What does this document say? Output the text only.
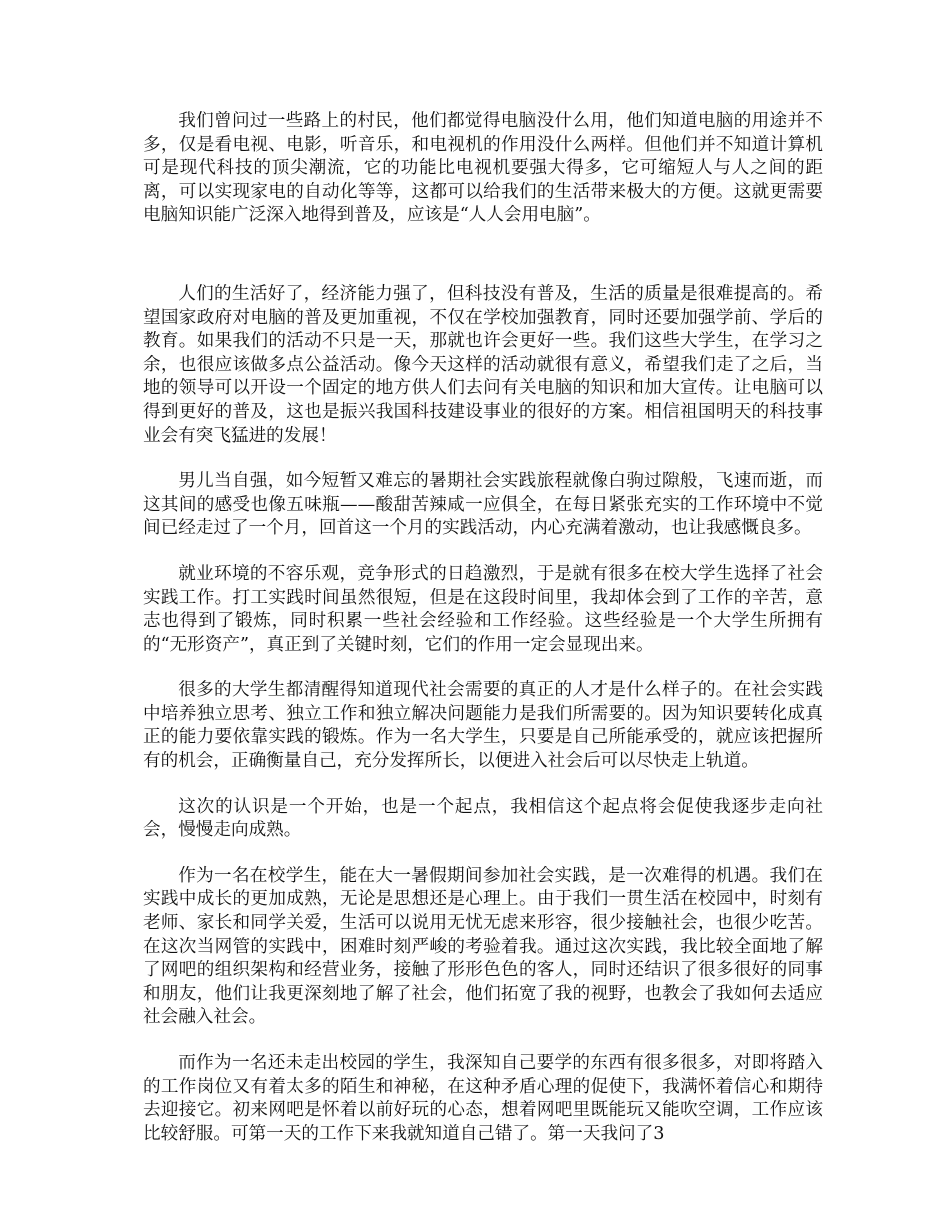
我们曾问过一些路上的村民，他们都觉得电脑没什么用，他们知道电脑的用途并不多，仅是看电视、电影，听音乐，和电视机的作用没什么两样。但他们并不知道计算机可是现代科技的顶尖潮流，它的功能比电视机要强大得多，它可缩短人与人之间的距离，可以实现家电的自动化等等，这都可以给我们的生活带来极大的方便。这就更需要电脑知识能广泛深入地得到普及，应该是“人人会用电脑”。

人们的生活好了，经济能力强了，但科技没有普及，生活的质量是很难提高的。希望国家政府对电脑的普及更加重视，不仅在学校加强教育，同时还要加强学前、学后的教育。如果我们的活动不只是一天，那就也许会更好一些。我们这些大学生，在学习之余，也很应该做多点公益活动。像今天这样的活动就很有意义，希望我们走了之后，当地的领导可以开设一个固定的地方供人们去问有关电脑的知识和加大宣传。让电脑可以得到更好的普及，这也是振兴我国科技建设事业的很好的方案。相信祖国明天的科技事业会有突飞猛进的发展！

男儿当自强，如今短暂又难忘的暑期社会实践旅程就像白驹过隙般，飞速而逝，而这其间的感受也像五味瓶——酸甜苦辣咸一应俱全，在每日紧张充实的工作环境中不觉间已经走过了一个月，回首这一个月的实践活动，内心充满着激动，也让我感慨良多。

就业环境的不容乐观，竞争形式的日趋激烈，于是就有很多在校大学生选择了社会实践工作。打工实践时间虽然很短，但是在这段时间里，我却体会到了工作的辛苦，意志也得到了锻炼，同时积累一些社会经验和工作经验。这些经验是一个大学生所拥有的“无形资产”，真正到了关键时刻，它们的作用一定会显现出来。

很多的大学生都清醒得知道现代社会需要的真正的人才是什么样子的。在社会实践中培养独立思考、独立工作和独立解决问题能力是我们所需要的。因为知识要转化成真正的能力要依靠实践的锻炼。作为一名大学生，只要是自己所能承受的，就应该把握所有的机会，正确衡量自己，充分发挥所长，以便进入社会后可以尽快走上轨道。

这次的认识是一个开始，也是一个起点，我相信这个起点将会促使我逐步走向社会，慢慢走向成熟。

作为一名在校学生，能在大一暑假期间参加社会实践，是一次难得的机遇。我们在实践中成长的更加成熟，无论是思想还是心理上。由于我们一贯生活在校园中，时刻有老师、家长和同学关爱，生活可以说用无忧无虑来形容，很少接触社会，也很少吃苦。在这次当网管的实践中，困难时刻严峻的考验着我。通过这次实践，我比较全面地了解了网吧的组织架构和经营业务，接触了形形色色的客人，同时还结识了很多很好的同事和朋友，他们让我更深刻地了解了社会，他们拓宽了我的视野，也教会了我如何去适应社会融入社会。

而作为一名还未走出校园的学生，我深知自己要学的东西有很多很多，对即将踏入的工作岗位又有着太多的陌生和神秘，在这种矛盾心理的促使下，我满怀着信心和期待去迎接它。初来网吧是怀着以前好玩的心态，想着网吧里既能玩又能吹空调，工作应该比较舒服。可第一天的工作下来我就知道自己错了。第一天我问了3
